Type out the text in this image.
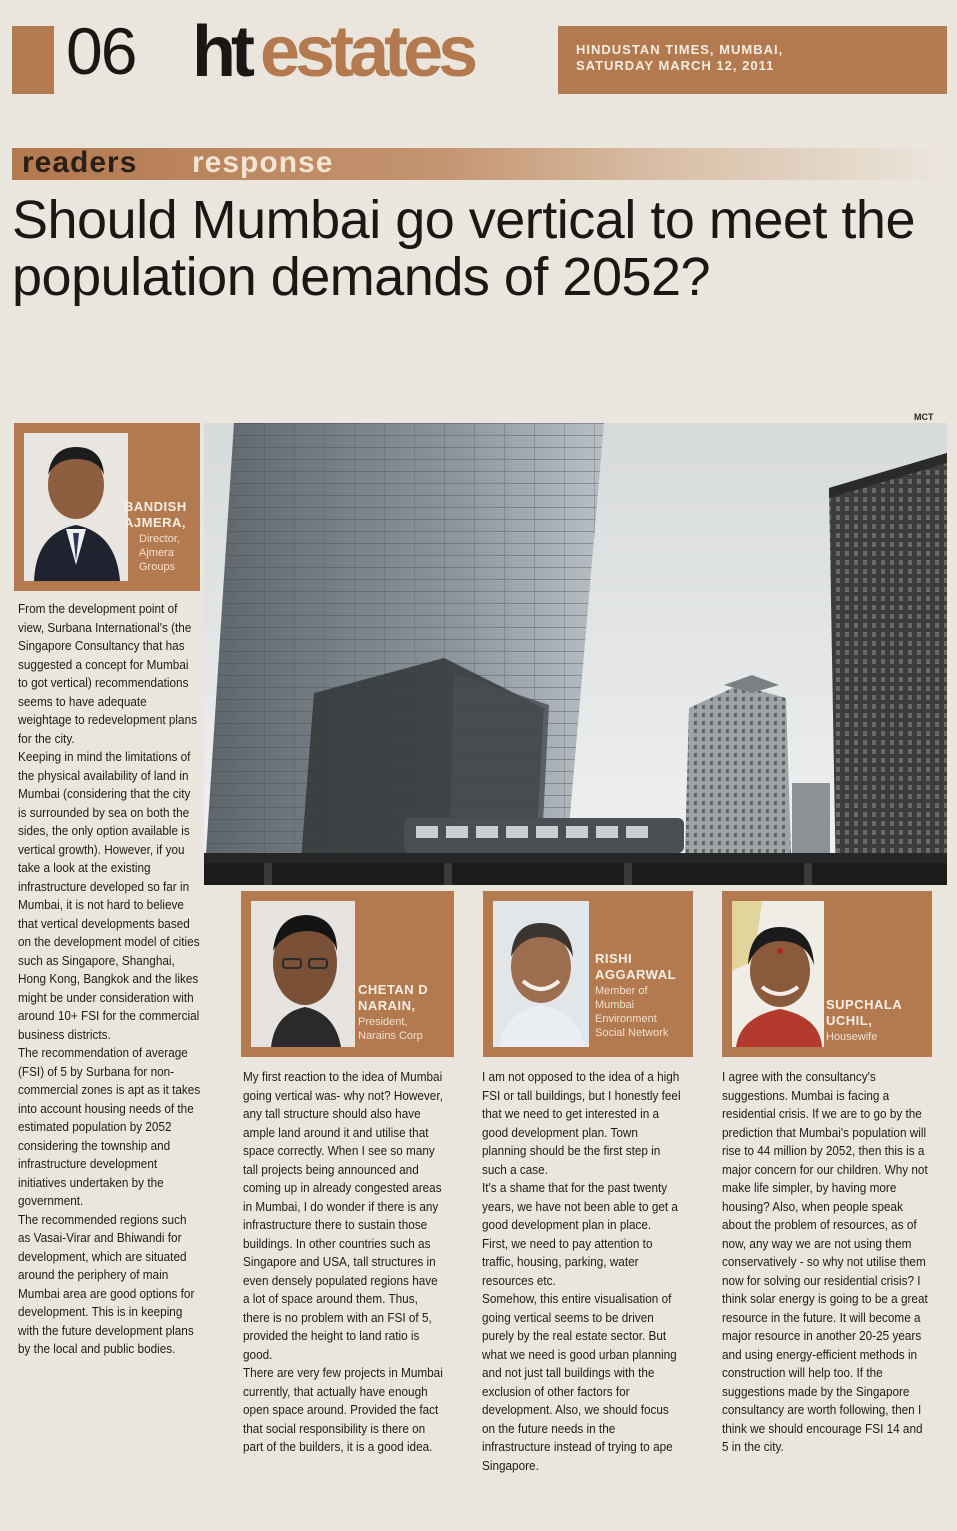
06 ht estates	HINDUSTAN TIMES, MUMBAI,
SATURDAY MARCH 12, 2011
readers response
Should Mumbai go vertical to meet the population demands of 2052?
MCT
BANDISH
AJMERA,
Director,
Ajmera
Groups

From the development point of view, Surbana International's (the Singapore Consultancy that has suggested a concept for Mumbai to got vertical) recommendations seems to have adequate weightage to redevelopment plans for the city.

Keeping in mind the limitations of the physical availability of land in Mumbai (considering that the city is surrounded by sea on both the sides, the only option available is vertical growth). However, if you take a look at the existing infrastructure developed so far in Mumbai, it is not hard to believe that vertical developments based on the development model of cities such as Singapore, Shanghai, Hong Kong, Bangkok and the likes might be under consideration with around 10+ FSI for the commercial business districts.

The recommendation of average (FSI) of 5 by Surbana for non-commercial zones is apt as it takes into account housing needs of the estimated population by 2052 considering the township and infrastructure development initiatives undertaken by the government.

The recommended regions such as Vasai-Virar and Bhiwandi for development, which are situated around the periphery of main Mumbai area are good options for development. This is in keeping with the future development plans by the local and public bodies.

CHETAN D
NARAIN,
President,
Narains Corp

My first reaction to the idea of Mumbai going vertical was- why not? However, any tall structure should also have ample land around it and utilise that space correctly. When I see so many tall projects being announced and coming up in already congested areas in Mumbai, I do wonder if there is any infrastructure there to sustain those buildings. In other countries such as Singapore and USA, tall structures in even densely populated regions have a lot of space around them. Thus, there is no problem with an FSI of 5, provided the height to land ratio is good.

There are very few projects in Mumbai currently, that actually have enough open space around. Provided the fact that social responsibility is there on part of the builders, it is a good idea.

RISHI
AGGARWAL
Member of
Mumbai
Environment
Social Network

I am not opposed to the idea of a high FSI or tall buildings, but I honestly feel that we need to get interested in a good development plan. Town planning should be the first step in such a case.

It's a shame that for the past twenty years, we have not been able to get a good development plan in place.

First, we need to pay attention to traffic, housing, parking, water resources etc.

Somehow, this entire visualisation of going vertical seems to be driven purely by the real estate sector. But what we need is good urban planning and not just tall buildings with the exclusion of other factors for development. Also, we should focus on the future needs in the infrastructure instead of trying to ape Singapore.

SUPCHALA
UCHIL,
Housewife

I agree with the consultancy's suggestions. Mumbai is facing a residential crisis. If we are to go by the prediction that Mumbai's population will rise to 44 million by 2052, then this is a major concern for our children. Why not make life simpler, by having more housing? Also, when people speak about the problem of resources, as of now, any way we are not using them conservatively - so why not utilise them now for solving our residential crisis? I think solar energy is going to be a great resource in the future. It will become a major resource in another 20-25 years and using energy-efficient methods in construction will help too. If the suggestions made by the Singapore consultancy are worth following, then I think we should encourage FSI 14 and 5 in the city.
